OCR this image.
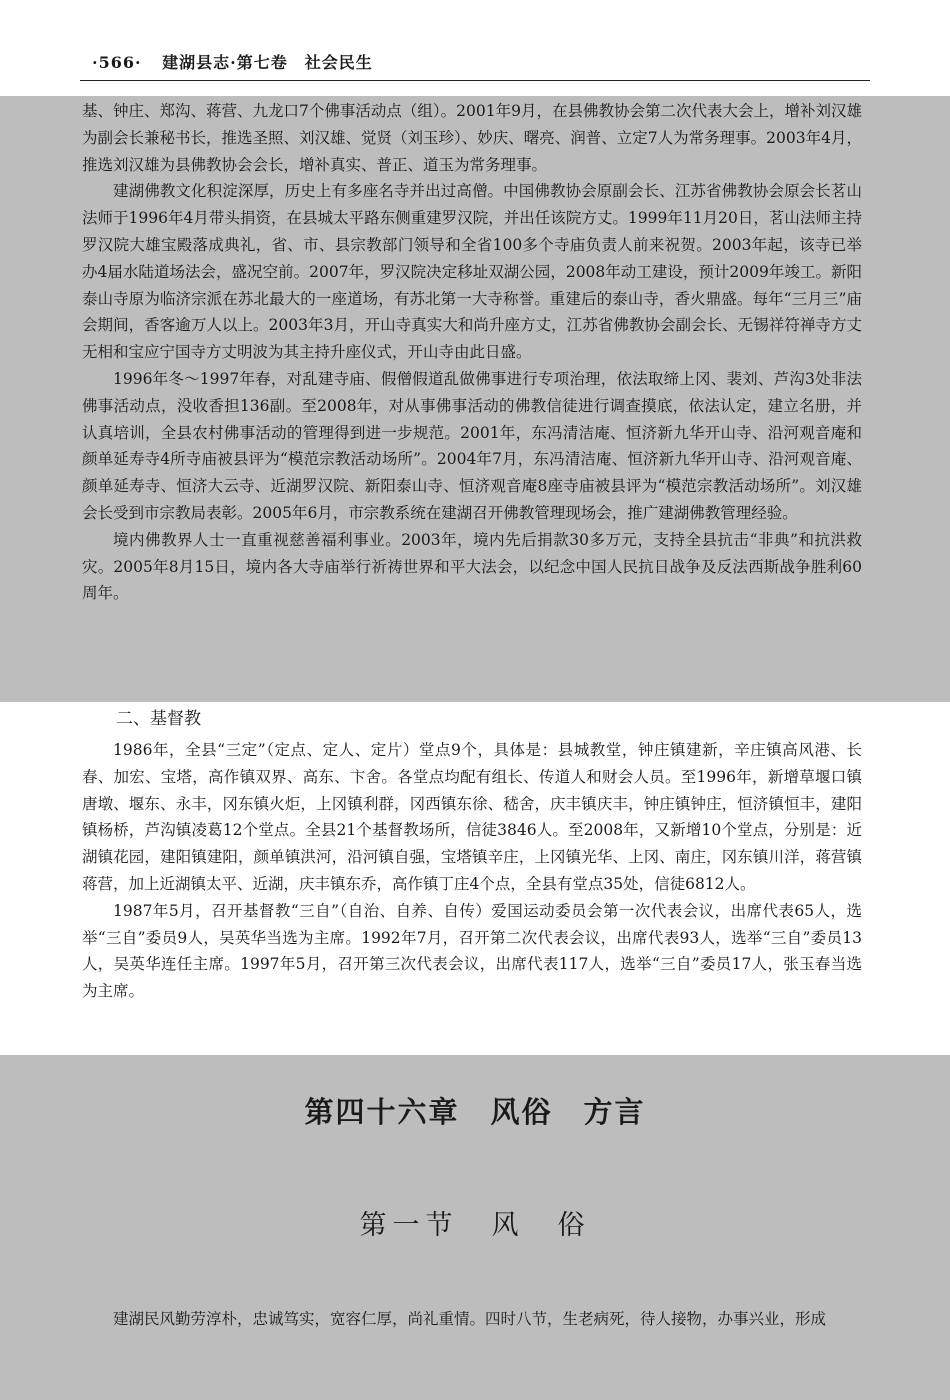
·566· 建湖县志·第七卷　社会民生

基、钟庄、郑沟、蒋营、九龙口7个佛事活动点（组）。2001年9月，在县佛教协会第二次代表大会上，增补刘汉雄为副会长兼秘书长，推选圣照、刘汉雄、觉贤（刘玉珍）、妙庆、曙亮、润普、立定7人为常务理事。2003年4月，推选刘汉雄为县佛教协会会长，增补真实、普正、道玉为常务理事。

建湖佛教文化积淀深厚，历史上有多座名寺并出过高僧。中国佛教协会原副会长、江苏省佛教协会原会长茗山法师于1996年4月带头捐资，在县城太平路东侧重建罗汉院，并出任该院方丈。1999年11月20日，茗山法师主持罗汉院大雄宝殿落成典礼，省、市、县宗教部门领导和全省100多个寺庙负责人前来祝贺。2003年起，该寺已举办4届水陆道场法会，盛况空前。2007年，罗汉院决定移址双湖公园，2008年动工建设，预计2009年竣工。新阳泰山寺原为临济宗派在苏北最大的一座道场，有苏北第一大寺称誉。重建后的泰山寺，香火鼎盛。每年“三月三”庙会期间，香客逾万人以上。2003年3月，开山寺真实大和尚升座方丈，江苏省佛教协会副会长、无锡祥符禅寺方丈无相和宝应宁国寺方丈明波为其主持升座仪式，开山寺由此日盛。

1996年冬～1997年春，对乱建寺庙、假僧假道乱做佛事进行专项治理，依法取缔上冈、裴刘、芦沟3处非法佛事活动点，没收香担136副。至2008年，对从事佛事活动的佛教信徒进行调查摸底，依法认定，建立名册，并认真培训，全县农村佛事活动的管理得到进一步规范。2001年，东冯清洁庵、恒济新九华开山寺、沿河观音庵和颜单延寿寺4所寺庙被县评为“模范宗教活动场所”。2004年7月，东冯清洁庵、恒济新九华开山寺、沿河观音庵、颜单延寿寺、恒济大云寺、近湖罗汉院、新阳泰山寺、恒济观音庵8座寺庙被县评为“模范宗教活动场所”。刘汉雄会长受到市宗教局表彰。2005年6月，市宗教系统在建湖召开佛教管理现场会，推广建湖佛教管理经验。

境内佛教界人士一直重视慈善福利事业。2003年，境内先后捐款30多万元，支持全县抗击“非典”和抗洪救灾。2005年8月15日，境内各大寺庙举行祈祷世界和平大法会，以纪念中国人民抗日战争及反法西斯战争胜利60周年。

二、基督教

1986年，全县“三定”（定点、定人、定片）堂点9个，具体是：县城教堂，钟庄镇建新，辛庄镇高风港、长春、加宏、宝塔，高作镇双界、高东、卞舍。各堂点均配有组长、传道人和财会人员。至1996年，新增草堰口镇唐墩、堰东、永丰，冈东镇火炬，上冈镇利群，冈西镇东徐、嵇舍，庆丰镇庆丰，钟庄镇钟庄，恒济镇恒丰，建阳镇杨桥，芦沟镇凌葛12个堂点。全县21个基督教场所，信徒3846人。至2008年，又新增10个堂点，分别是：近湖镇花园，建阳镇建阳，颜单镇洪河，沿河镇自强，宝塔镇辛庄，上冈镇光华、上冈、南庄，冈东镇川洋，蒋营镇蒋营，加上近湖镇太平、近湖，庆丰镇东乔，高作镇丁庄4个点，全县有堂点35处，信徒6812人。

1987年5月，召开基督教“三自”（自治、自养、自传）爱国运动委员会第一次代表会议，出席代表65人，选举“三自”委员9人，吴英华当选为主席。1992年7月，召开第二次代表会议，出席代表93人，选举“三自”委员13人，吴英华连任主席。1997年5月，召开第三次代表会议，出席代表117人，选举“三自”委员17人，张玉春当选为主席。

第四十六章　风俗　方言
第一节　风　俗
建湖民风勤劳淳朴，忠诚笃实，宽容仁厚，尚礼重情。四时八节，生老病死，待人接物，办事兴业，形成
